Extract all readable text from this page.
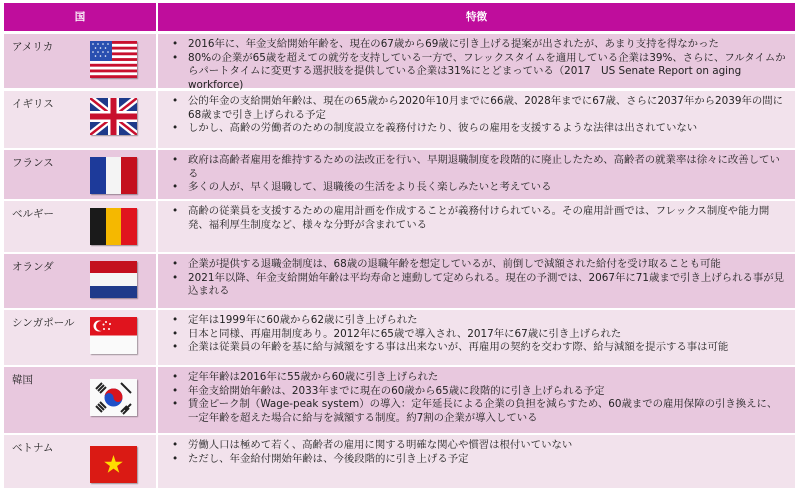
国	特徴
アメリカ	• 2016年に、年金支給開始年齢を、現在の67歳から69歳に引き上げる提案が出されたが、あまり支持を得なかった
• 80%の企業が65歳を超えての就労を支持している一方で、フレックスタイムを適用している企業は39%、さらに、フルタイムからパートタイムに変更する選択肢を提供している企業は31%にとどまっている（2017　US Senate Report on aging workforce)
イギリス	• 公的年金の支給開始年齢は、現在の65歳から2020年10月までに66歳、2028年までに67歳、さらに2037年から2039年の間に68歳まで引き上げられる予定
• しかし、高齢の労働者のための制度設立を義務付けたり、彼らの雇用を支援するような法律は出されていない
フランス	• 政府は高齢者雇用を維持するための法改正を行い、早期退職制度を段階的に廃止したため、高齢者の就業率は徐々に改善している
• 多くの人が、早く退職して、退職後の生活をより長く楽しみたいと考えている
ベルギー	• 高齢の従業員を支援するための雇用計画を作成することが義務付けられている。その雇用計画では、フレックス制度や能力開発、福利厚生制度など、様々な分野が含まれている
オランダ	• 企業が提供する退職金制度は、68歳の退職年齢を想定しているが、前倒しで減額された給付を受け取ることも可能
• 2021年以降、年金支給開始年齢は平均寿命と連動して定められる。現在の予測では、2067年に71歳まで引き上げられる事が見込まれる
シンガポール	• 定年は1999年に60歳から62歳に引き上げられた
• 日本と同様、再雇用制度あり。2012年に65歳で導入され、2017年に67歳に引き上げられた
• 企業は従業員の年齢を基に給与減額をする事は出来ないが、再雇用の契約を交わす際、給与減額を提示する事は可能
韓国	• 定年年齢は2016年に55歳から60歳に引き上げられた
• 年金支給開始年齢は、2033年までに現在の60歳から65歳に段階的に引き上げられる予定
• 賃金ピーク制（Wage-peak system）の導入：定年延長による企業の負担を減らすため、60歳までの雇用保障の引き換えに、一定年齢を超えた場合に給与を減額する制度。約7割の企業が導入している
ベトナム	• 労働人口は極めて若く、高齢者の雇用に関する明確な関心や慣習は根付いていない
• ただし、年金給付開始年齢は、今後段階的に引き上げる予定
